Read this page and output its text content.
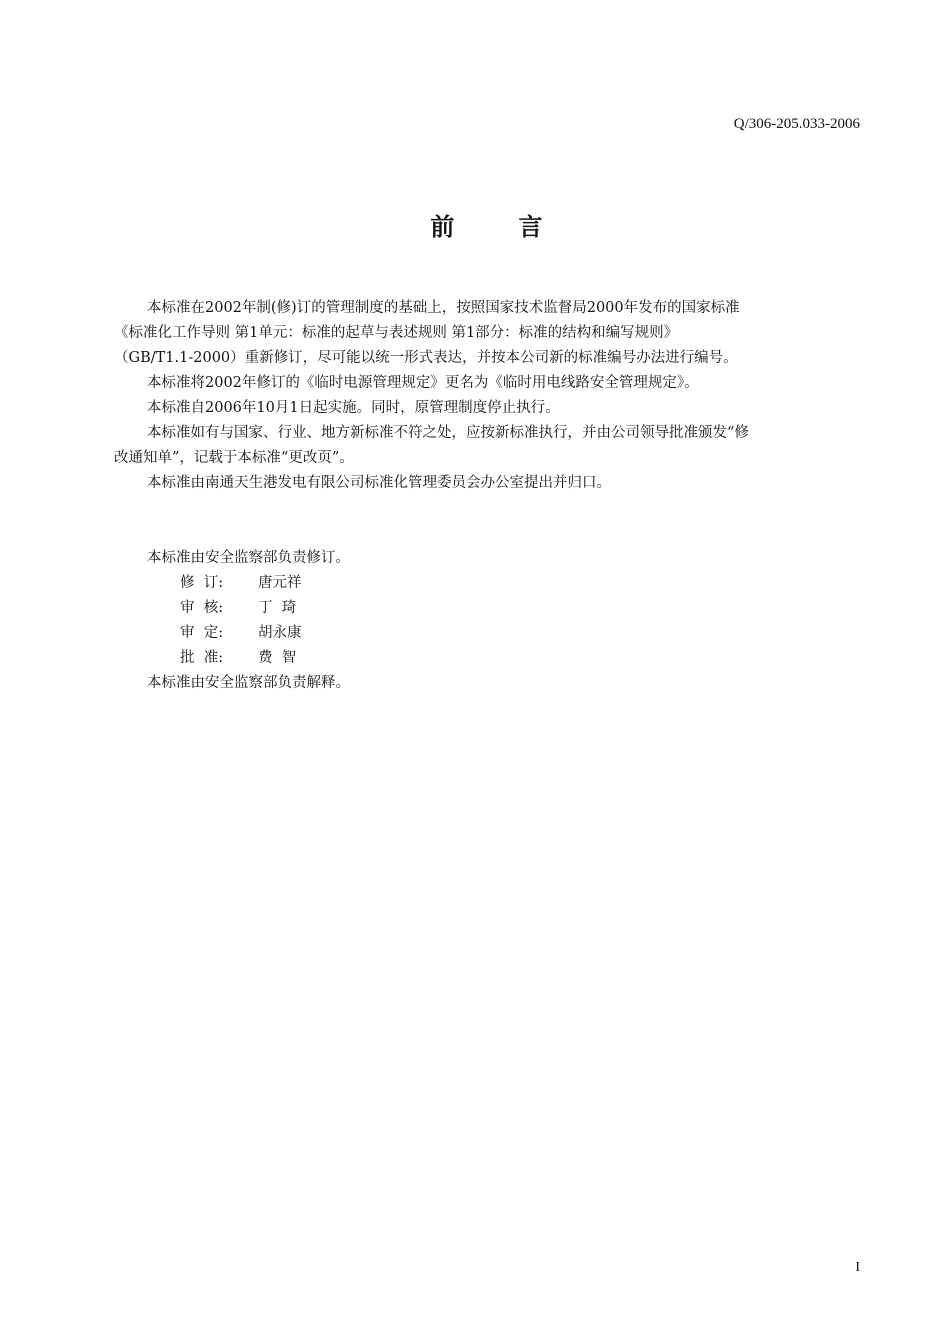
Q/306-205.033-2006
前      言

本标准在2002年制(修)订的管理制度的基础上，按照国家技术监督局2000年发布的国家标准
《标准化工作导则 第1单元：标准的起草与表述规则 第1部分：标准的结构和编写规则》
（GB/T1.1-2000）重新修订，尽可能以统一形式表达，并按本公司新的标准编号办法进行编号。

本标准将2002年修订的《临时电源管理规定》更名为《临时用电线路安全管理规定》。

本标准自2006年10月1日起实施。同时，原管理制度停止执行。

本标准如有与国家、行业、地方新标准不符之处，应按新标准执行，并由公司领导批准颁发“修
改通知单”，记载于本标准“更改页”。

本标准由南通天生港发电有限公司标准化管理委员会办公室提出并归口。

本标准由安全监察部负责修订。

修  订: 唐元祥
审  核: 丁  琦
审  定: 胡永康
批  准: 费  智

本标准由安全监察部负责解释。

I
